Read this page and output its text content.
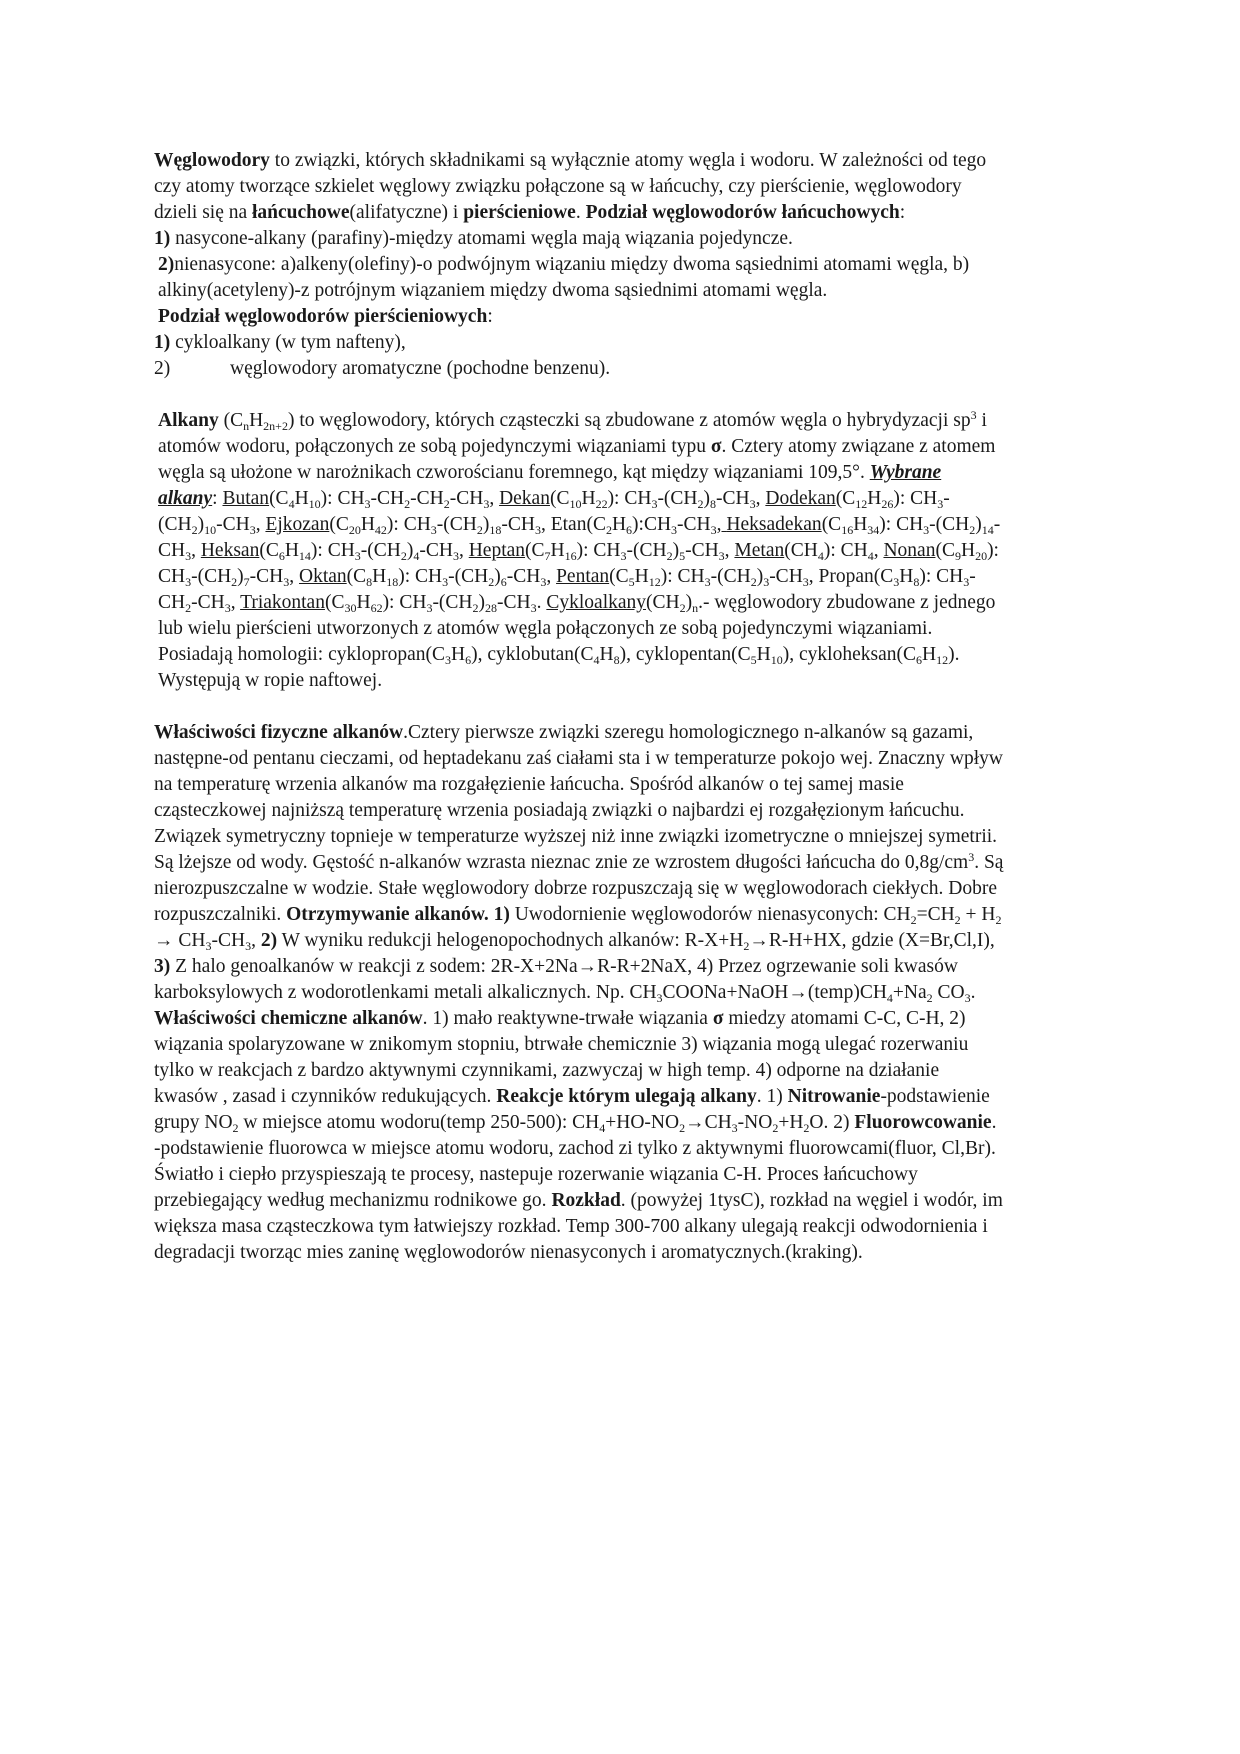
Węglowodory to związki, których składnikami są wyłącznie atomy węgla i wodoru. W zależności od tego czy atomy tworzące szkielet węglowy związku połączone są w łańcuchy, czy pierścienie, węglowodory dzieli się na łańcuchowe(alifatyczne) i pierścieniowe. Podział węglowodorów łańcuchowych:

1) nasycone-alkany (parafiny)-między atomami węgla mają wiązania pojedyncze.

2)nienasycone: a)alkeny(olefiny)-o podwójnym wiązaniu między dwoma sąsiednimi atomami węgla, b) alkiny(acetyleny)-z potrójnym wiązaniem między dwoma sąsiednimi atomami węgla.

Podział węglowodorów pierścieniowych:

1) cykloalkany (w tym nafteny),

2)	węglowodory aromatyczne (pochodne benzenu).

Alkany $(C_nH_{2n+2})$ to węglowodory, których cząsteczki są zbudowane z atomów węgla o hybrydyzacji $sp^3$ i atomów wodoru, połączonych ze sobą pojedynczymi wiązaniami typu σ. Cztery atomy związane z atomem węgla są ułożone w narożnikach czworościanu foremnego, kąt między wiązaniami 109,5°. Wybrane alkany: $Butan(C_4H_{10})$: $CH_3-CH_2-CH_2-CH_3$, $Dekan(C_{10}H_{22})$: $CH_3-(CH_2)_8-CH_3$, $Dodekan(C_{12}H_{26})$: $CH_3-(CH_2)_{10}-CH_3$, $Ejkozan(C_{20}H_{42})$: $CH_3-(CH_2)_{18}-CH_3$, $Etan(C_2H_6):CH_3-CH_3$, $Heksadekan(C_{16}H_{34})$: $CH_3-(CH_2)_{14}-CH_3$, $Heksan(C_6H_{14})$: $CH_3-(CH_2)_4-CH_3$, $Heptan(C_7H_{16})$: $CH_3-(CH_2)_5-CH_3$, $Metan(CH_4)$: $CH_4$, $Nonan(C_9H_{20})$: $CH_3-(CH_2)_7-CH_3$, $Oktan(C_8H_{18})$: $CH_3-(CH_2)_6-CH_3$, $Pentan(C_5H_{12})$: $CH_3-(CH_2)_3-CH_3$, $Propan(C_3H_8)$: $CH_3-CH_2-CH_3$, $Triakontan(C_{30}H_{62})$: $CH_3-(CH_2)_{28}-CH_3$. $Cykloalkany(CH_2)_n.-$ węglowodory zbudowane z jednego lub wielu pierścieni utworzonych z atomów węgla połączonych ze sobą pojedynczymi wiązaniami. Posiadają homologii: $cyklopropan(C_3H_6)$, $cyklobutan(C_4H_8)$, $cyklopentan(C_5H_{10})$, $cykloheksan(C_6H_{12})$. Występują w ropie naftowej.

Właściwości fizyczne alkanów.Cztery pierwsze związki szeregu homologicznego n-alkanów są gazami, następne-od pentanu cieczami, od heptadekanu zaś ciałami sta i w temperaturze pokojo wej. Znaczny wpływ na temperaturę wrzenia alkanów ma rozgałęzienie łańcucha. Spośród alkanów o tej samej masie cząsteczkowej najniższą temperaturę wrzenia posiadają związki o najbardzi ej rozgałęzionym łańcuchu. Związek symetryczny topnieje w temperaturze wyższej niż inne związki izometryczne o mniejszej symetrii. Są lżejsze od wody. Gęstość n-alkanów wzrasta nieznac znie ze wzrostem długości łańcucha do $0,8g/cm^3$. Są nierozpuszczalne w wodzie. Stałe węglowodory dobrze rozpuszczają się w węglowodorach ciekłych. Dobre rozpuszczalniki. Otrzymywanie alkanów. 1) Uwodornienie węglowodorów nienasyconych: $CH_2=CH_2 + H_2 \to CH_3-CH_3$, 2) W wyniku redukcji helogenopochodnych alkanów: $R-X+H_2\to R-H+HX$, gdzie (X=Br,Cl,I), 3) Z halo genoalkanów w reakcji z sodem: 2R-X+2Na→R-R+2NaX, 4) Przez ogrzewanie soli kwasów karboksylowych z wodorotlenkami metali alkalicznych. Np. $CH_3COONa+NaOH\to(temp)CH_4+Na_2$ $CO_3$. Właściwości chemiczne alkanów. 1) mało reaktywne-trwałe wiązania σ miedzy atomami C-C, C-H, 2) wiązania spolaryzowane w znikomym stopniu, btrwałe chemicznie 3) wiązania mogą ulegać rozerwaniu tylko w reakcjach z bardzo aktywnymi czynnikami, zazwyczaj w high temp. 4) odporne na działanie kwasów , zasad i czynników redukujących. Reakcje którym ulegają alkany. 1) Nitrowanie-podstawienie grupy $NO_2$ w miejsce atomu wodoru(temp 250-500): $CH_4+HO-NO_2\to CH_3-NO_2+H_2O$. 2) Fluorowcowanie. -podstawienie fluorowca w miejsce atomu wodoru, zachod zi tylko z aktywnymi fluorowcami(fluor, Cl,Br). Światło i ciepło przyspieszają te procesy, nastepuje rozerwanie wiązania C-H. Proces łańcuchowy przebiegający według mechanizmu rodnikowe go. Rozkład. (powyżej 1tysC), rozkład na węgiel i wodór, im większa masa cząsteczkowa tym łatwiejszy rozkład. Temp 300-700 alkany ulegają reakcji odwodornienia i degradacji tworząc mies zaninę węglowodorów nienasyconych i aromatycznych.(kraking).
